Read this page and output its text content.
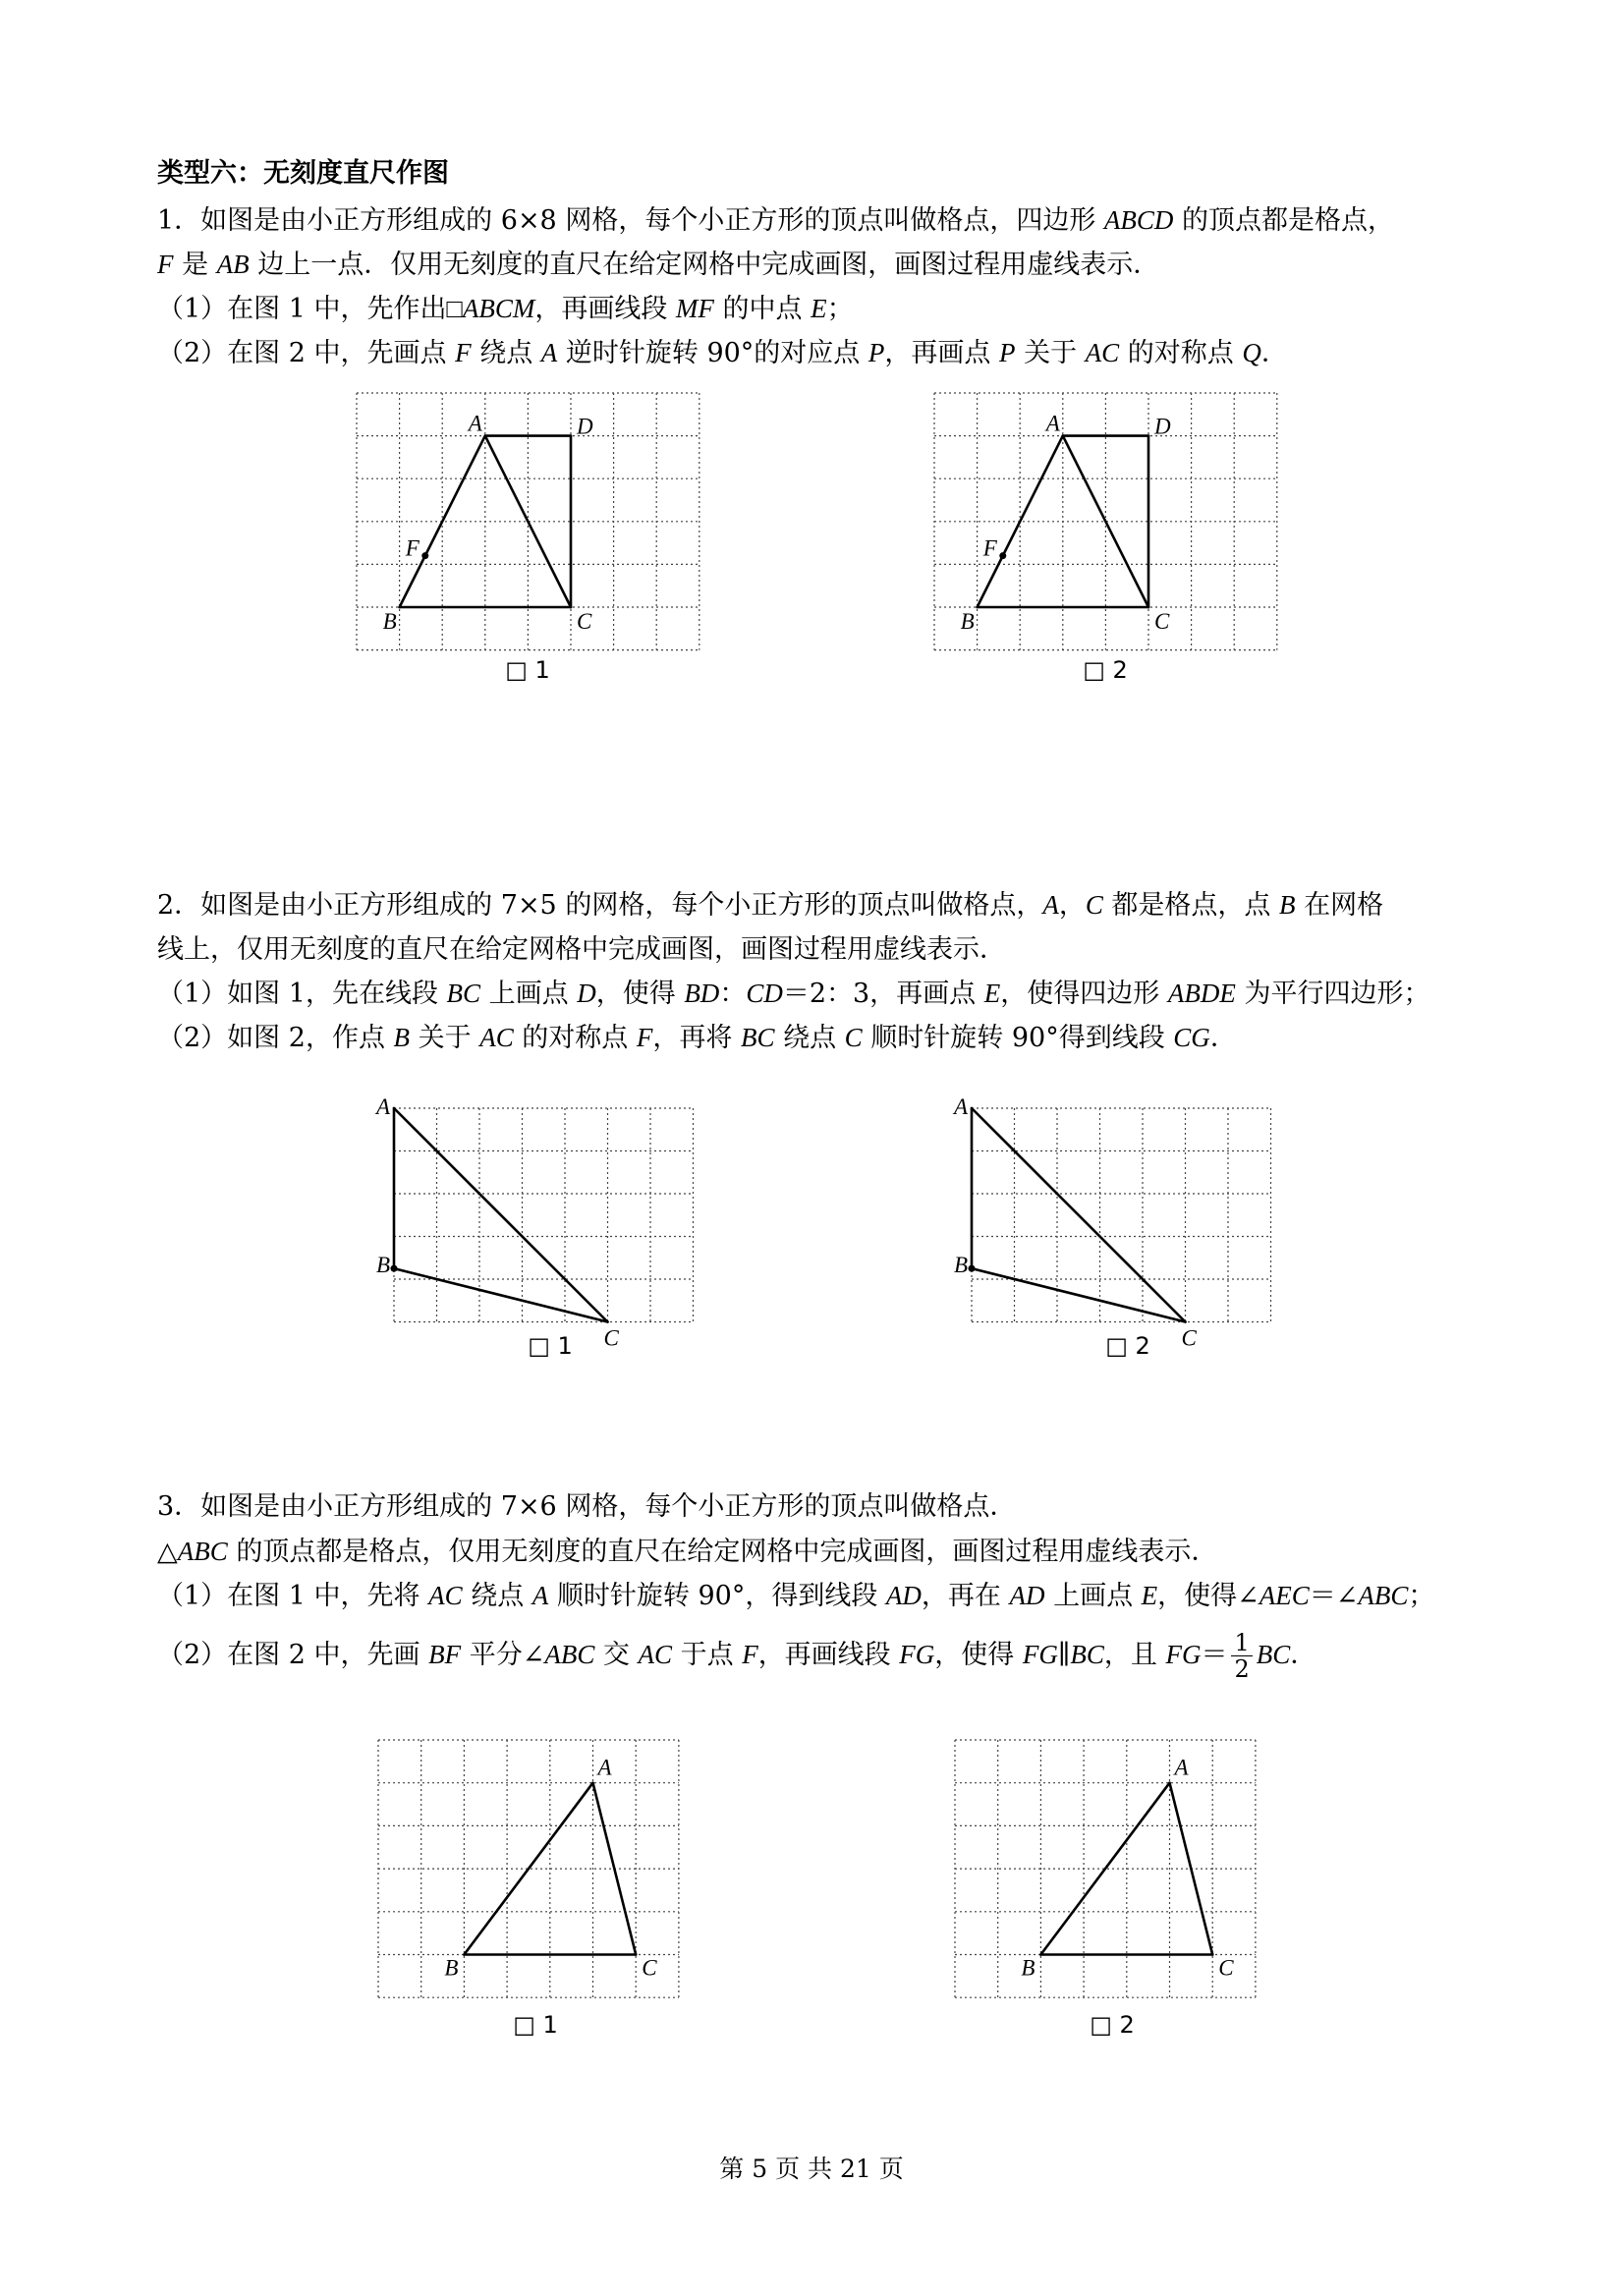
类型六：无刻度直尺作图
1．如图是由小正方形组成的 6×8 网格，每个小正方形的顶点叫做格点，四边形 ABCD 的顶点都是格点，
F 是 AB 边上一点．仅用无刻度的直尺在给定网格中完成画图，画图过程用虚线表示．
（1）在图 1 中，先作出□ABCM，再画线段 MF 的中点 E；
（2）在图 2 中，先画点 F 绕点 A 逆时针旋转 90°的对应点 P，再画点 P 关于 AC 的对称点 Q．
2．如图是由小正方形组成的 7×5 的网格，每个小正方形的顶点叫做格点，A，C 都是格点，点 B 在网格
线上，仅用无刻度的直尺在给定网格中完成画图，画图过程用虚线表示．
（1）如图 1，先在线段 BC 上画点 D，使得 BD：CD＝2：3，再画点 E，使得四边形 ABDE 为平行四边形；
（2）如图 2，作点 B 关于 AC 的对称点 F，再将 BC 绕点 C 顺时针旋转 90°得到线段 CG．
3．如图是由小正方形组成的 7×6 网格，每个小正方形的顶点叫做格点．
△ABC 的顶点都是格点，仅用无刻度的直尺在给定网格中完成画图，画图过程用虚线表示．
（1）在图 1 中，先将 AC 绕点 A 顺时针旋转 90°，得到线段 AD，再在 AD 上画点 E，使得∠AEC＝∠ABC；
（2）在图 2 中，先画 BF 平分∠ABC 交 AC 于点 F，再画线段 FG，使得 FG∥BC，且 $FG= \frac{1}{2}$ BC．
A	D
B	C
F
A	D
B	C
F
A
B
C
A
B
C
A
B	C
A
B	C
□ 1	□ 2
□ 1	□ 2
□ 1	□ 2
第 5 页 共 21 页
